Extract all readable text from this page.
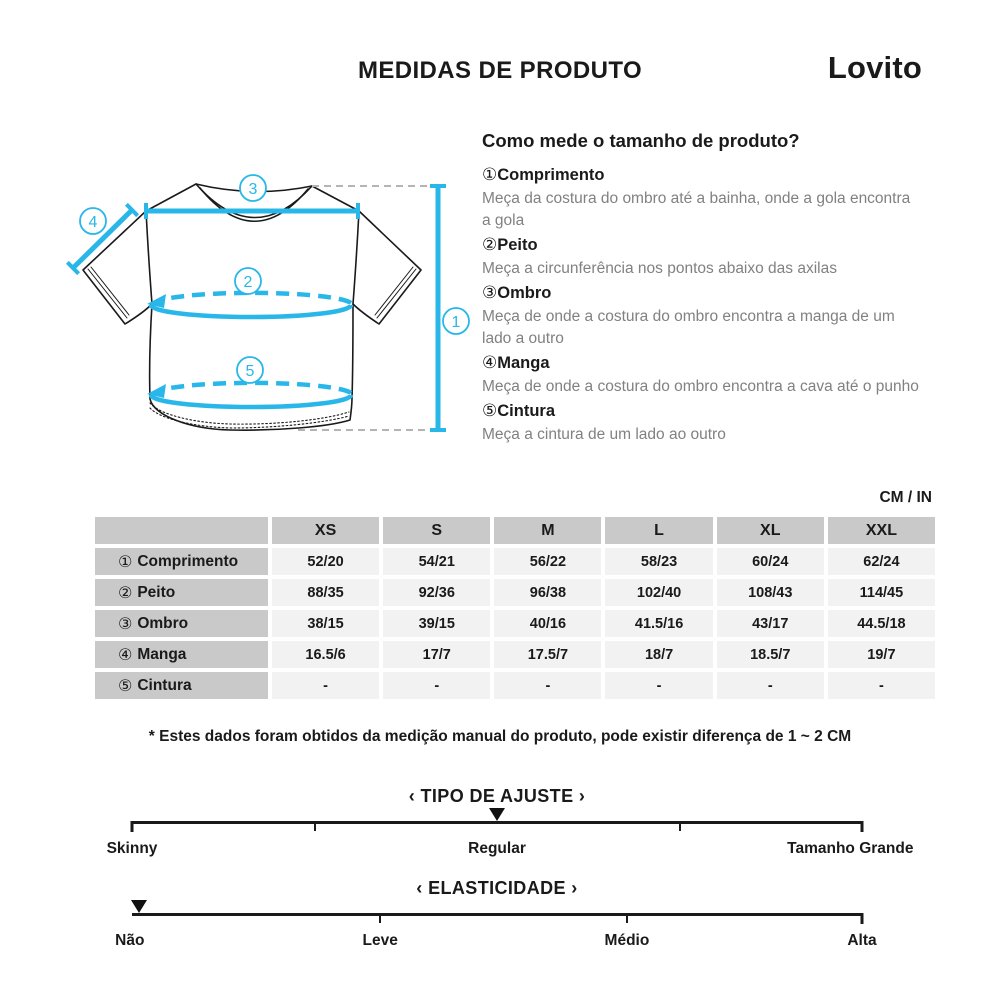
MEDIDAS DE PRODUTO	Lovito
3
4
2
5
1
Como mede o tamanho de produto?
①Comprimento
Meça da costura do ombro até a bainha, onde a gola encontra a gola
②Peito
Meça a circunferência nos pontos abaixo das axilas
③Ombro
Meça de onde a costura do ombro encontra a manga de um lado a outro
④Manga
Meça de onde a costura do ombro encontra a cava até o punho
⑤Cintura
Meça a cintura de um lado ao outro
CM / IN
XS	S	M	L	XL	XXL
① Comprimento	52/20	54/21	56/22	58/23	60/24	62/24
② Peito	88/35	92/36	96/38	102/40	108/43	114/45
③ Ombro	38/15	39/15	40/16	41.5/16	43/17	44.5/18
④ Manga	16.5/6	17/7	17.5/7	18/7	18.5/7	19/7
⑤ Cintura	-	-	-	-	-	-
* Estes dados foram obtidos da medição manual do produto, pode existir diferença de 1 ~ 2 CM
‹ TIPO DE AJUSTE ›
Skinny	Regular	Tamanho Grande
‹ ELASTICIDADE ›
Não	Leve	Médio	Alta
